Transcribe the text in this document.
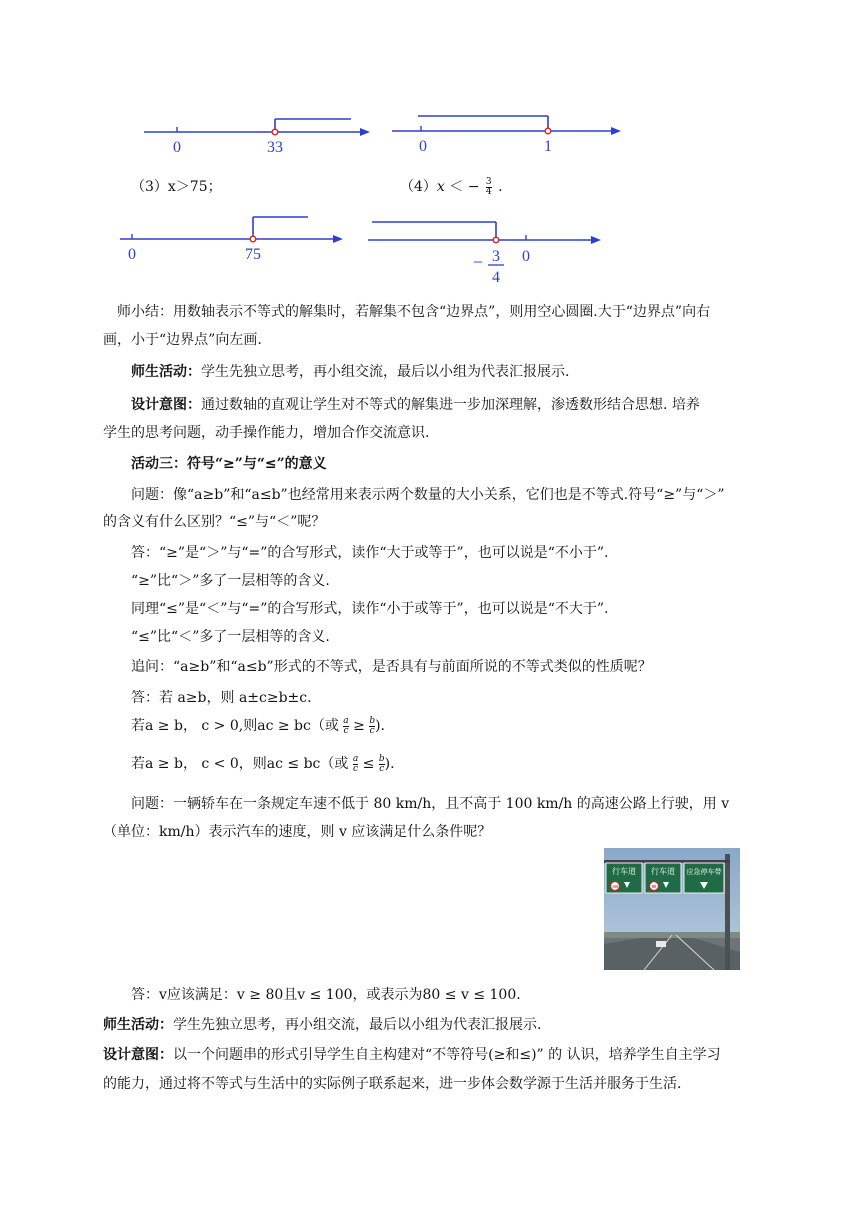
0	33	0	1
（3）x＞75；	（4）x ＜ − $\frac{3}{4}$ .
0	75	− 3
4
0
师小结：用数轴表示不等式的解集时，若解集不包含“边界点”，则用空心圆圈.大于“边界点”向右
画，小于“边界点”向左画.
师生活动：学生先独立思考，再小组交流，最后以小组为代表汇报展示.
设计意图：通过数轴的直观让学生对不等式的解集进一步加深理解，渗透数形结合思想. 培养
学生的思考问题，动手操作能力，增加合作交流意识.
活动三：符号“≥”与“≤”的意义
问题：像“a≥b”和“a≤b”也经常用来表示两个数量的大小关系，它们也是不等式.符号“≥”与“＞”
的含义有什么区别？“≤”与“＜”呢？
答：“≥”是“＞”与“=”的合写形式，读作“大于或等于”，也可以说是“不小于”.
“≥”比“＞”多了一层相等的含义.
同理“≤”是“＜”与“=”的合写形式，读作“小于或等于”，也可以说是“不大于”.
“≤”比“＜”多了一层相等的含义.
追问：“a≥b”和“a≤b”形式的不等式，是否具有与前面所说的不等式类似的性质呢？
答：若 a≥b，则 a±c≥b±c.
若a ≥ b， c > 0,则ac ≥ bc（或 $\frac{a}{c} \ge \frac{b}{c}$ ).
若a ≥ b， c < 0，则ac ≤ bc（或 $\frac{a}{c} \le \frac{b}{c}$ ).
问题：一辆轿车在一条规定车速不低于 80 km/h，且不高于 100 km/h 的高速公路上行驶，用 v
（单位：km/h）表示汽车的速度，则 v 应该满足什么条件呢？
行车道 行车道 应急停车带
100	80
答：v应该满足：v ≥ 80且v ≤ 100，或表示为80 ≤ v ≤ 100.
师生活动：学生先独立思考，再小组交流，最后以小组为代表汇报展示.
设计意图：以一个问题串的形式引导学生自主构建对“不等符号(≥和≤)” 的 认识，培养学生自主学习
的能力，通过将不等式与生活中的实际例子联系起来，进一步体会数学源于生活并服务于生活.
